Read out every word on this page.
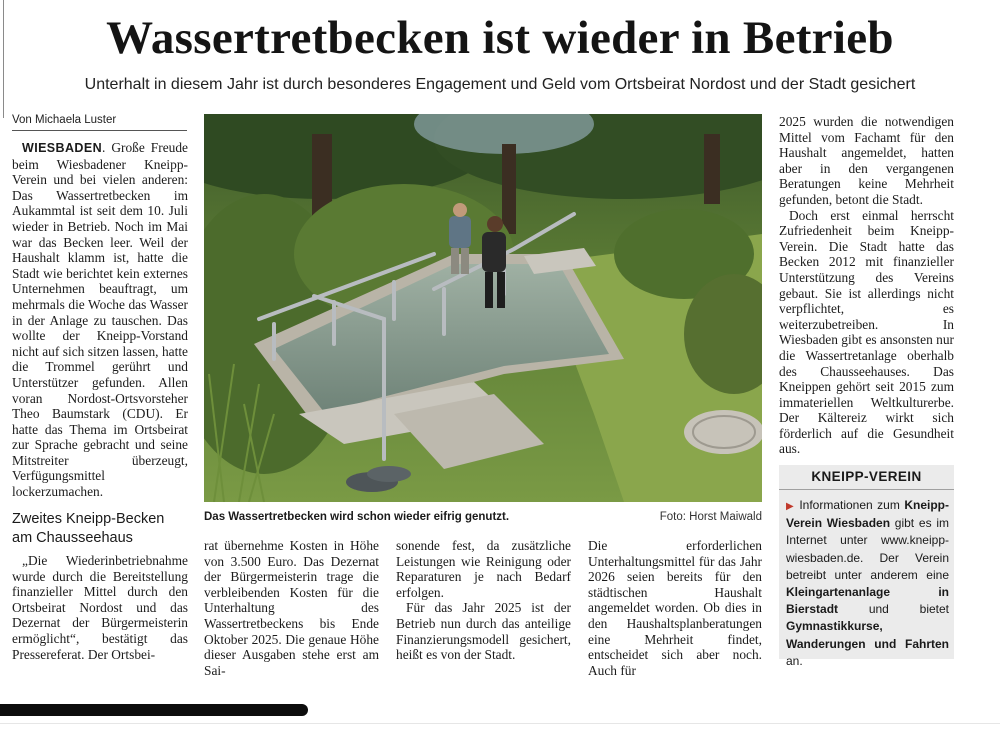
Wassertretbecken ist wieder in Betrieb
Unterhalt in diesem Jahr ist durch besonderes Engagement und Geld vom Ortsbeirat Nordost und der Stadt gesichert
Von Michaela Luster

WIESBADEN. Große Freude beim Wiesbadener Kneipp-Verein und bei vielen anderen: Das Wassertretbecken im Aukammtal ist seit dem 10. Juli wieder in Betrieb. Noch im Mai war das Becken leer. Weil der Haushalt klamm ist, hatte die Stadt wie berichtet kein externes Unternehmen beauftragt, um mehrmals die Woche das Wasser in der Anlage zu tauschen. Das wollte der Kneipp-Vorstand nicht auf sich sitzen lassen, hatte die Trommel gerührt und Unterstützer gefunden. Allen voran Nordost-Ortsvorsteher Theo Baumstark (CDU). Er hatte das Thema im Ortsbeirat zur Sprache gebracht und seine Mitstreiter überzeugt, Verfügungsmittel lockerzumachen.

Zweites Kneipp-Becken am Chausseehaus

„Die Wiederinbetriebnahme wurde durch die Bereitstellung finanzieller Mittel durch den Ortsbeirat Nordost und das Dezernat der Bürgermeisterin ermöglicht“, bestätigt das Pressereferat. Der Ortsbei-

Das Wassertretbecken wird schon wieder eifrig genutzt.	Foto: Horst Maiwald

rat übernehme Kosten in Höhe von 3.500 Euro. Das Dezernat der Bürgermeisterin trage die verbleibenden Kosten für die Unterhaltung des Wassertretbeckens bis Ende Oktober 2025. Die genaue Höhe dieser Ausgaben stehe erst am Sai-

sonende fest, da zusätzliche Leistungen wie Reinigung oder Reparaturen je nach Bedarf erfolgen.

Für das Jahr 2025 ist der Betrieb nun durch das anteilige Finanzierungsmodell gesichert, heißt es von der Stadt.

Die erforderlichen Unterhaltungsmittel für das Jahr 2026 seien bereits für den städtischen Haushalt angemeldet worden. Ob dies in den Haushaltsplanberatungen eine Mehrheit findet, entscheidet sich aber noch. Auch für

2025 wurden die notwendigen Mittel vom Fachamt für den Haushalt angemeldet, hatten aber in den vergangenen Beratungen keine Mehrheit gefunden, betont die Stadt.

Doch erst einmal herrscht Zufriedenheit beim Kneipp-Verein. Die Stadt hatte das Becken 2012 mit finanzieller Unterstützung des Vereins gebaut. Sie ist allerdings nicht verpflichtet, es weiterzubetreiben. In Wiesbaden gibt es ansonsten nur die Wassertretanlage oberhalb des Chausseehauses. Das Kneippen gehört seit 2015 zum immateriellen Weltkulturerbe. Der Kältereiz wirkt sich förderlich auf die Gesundheit aus.

KNEIPP-VEREIN
▶ Informationen zum Kneipp-Verein Wiesbaden gibt es im Internet unter www.kneipp-wiesbaden.de. Der Verein betreibt unter anderem eine Kleingartenanlage in Bierstadt und bietet Gymnastikkurse, Wanderungen und Fahrten an.
